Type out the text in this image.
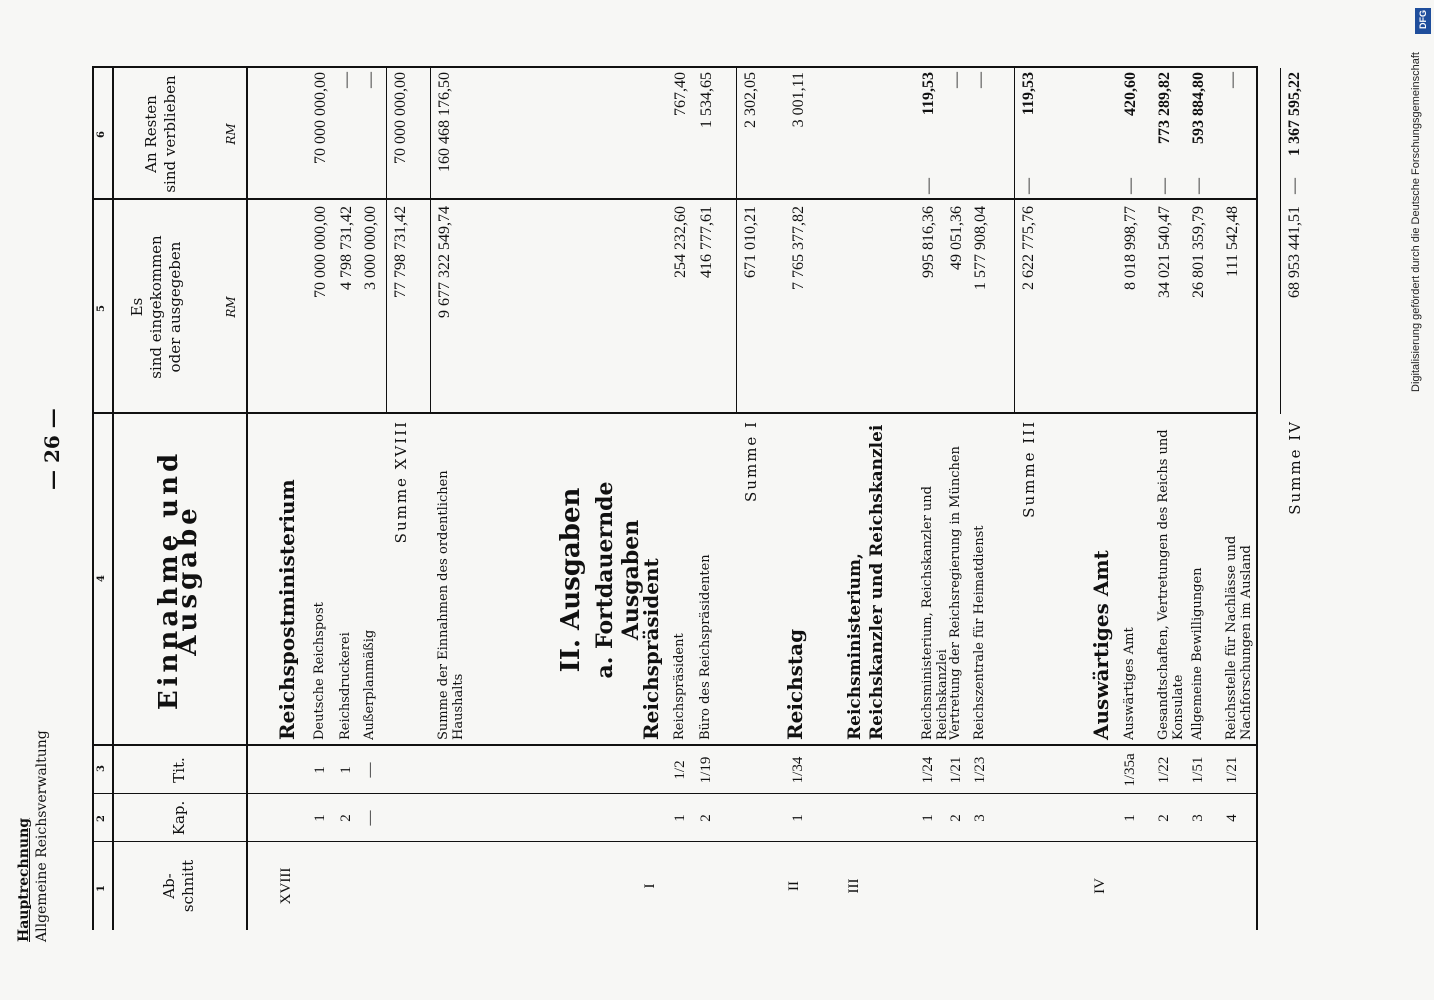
Hauptrechnung Allgemeine Reichsverwaltung
— 26 —
1
2
3
4
5
6
Ab-
schnitt
Kap.
Tit.
Einnahme und Ausgabe
Es
sind eingekommen
oder ausgegeben	RM
An Resten
sind verblieben	RM
XVIII
Reichspostministerium
1
1
Deutsche Reichspost
70 000 000,00
70 000 000,00
2
1
Reichsdruckerei
4 798 731,42
—
—
—
Außerplanmäßig
3 000 000,00
—
Summe XVIII
77 798 731,42
70 000 000,00
Summe der Einnahmen des ordentlichen Haushalts
9 677 322 549,74
160 468 176,50
II. Ausgaben a. Fortdauernde Ausgaben
I
Reichspräsident
1
1/2
Reichspräsident
254 232,60
767,40
2
1/19
Büro des Reichspräsidenten
416 777,61
1 534,65
Summe I
671 010,21
2 302,05
II
1
1/34
Reichstag
7 765 377,82
3 001,11
III
Reichsministerium, Reichskanzler und Reichskanzlei
1
1/24
Reichsministerium, Reichskanzler und Reichskanzlei
995 816,36
—
119,53
2
1/21
Vertretung der Reichsregierung in München
49 051,36
—
3
1/23
Reichszentrale für Heimatdienst
1 577 908,04
—
Summe III
2 622 775,76
—
119,53
IV
Auswärtiges Amt
1
1/35a
Auswärtiges Amt
8 018 998,77
—
420,60
2
1/22
Gesandtschaften, Vertretungen des Reichs und Konsulate
34 021 540,47
—
773 289,82
3
1/51
Allgemeine Bewilligungen
26 801 359,79
—
593 884,80
4
1/21
Reichsstelle für Nachlässe und Nachforschungen im Ausland
111 542,48
—
Summe IV
68 953 441,51
—
1 367 595,22
DFG
Digitalisierung gefördert durch die Deutsche Forschungsgemeinschaft
